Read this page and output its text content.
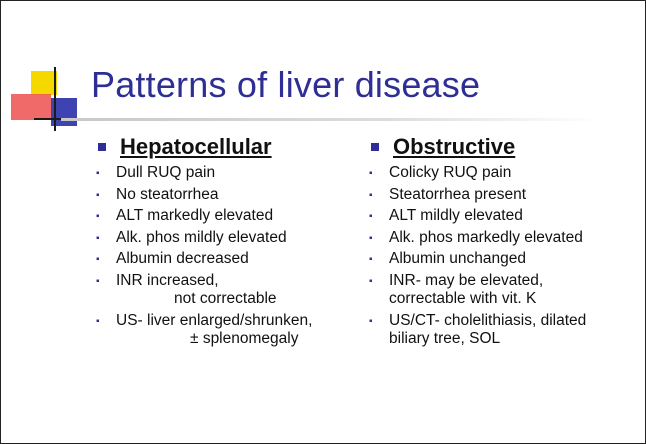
Patterns of liver disease
Hepatocellular
▪ Dull RUQ pain
▪ No steatorrhea
▪ ALT markedly elevated
▪ Alk. phos mildly elevated
▪ Albumin decreased
▪ INR increased,
not correctable
▪ US- liver enlarged/shrunken,
± splenomegaly
Obstructive
▪ Colicky RUQ pain
▪ Steatorrhea present
▪ ALT mildly elevated
▪ Alk. phos markedly elevated
▪ Albumin unchanged
▪ INR- may be elevated,
correctable with vit. K
▪ US/CT- cholelithiasis, dilated
biliary tree, SOL
